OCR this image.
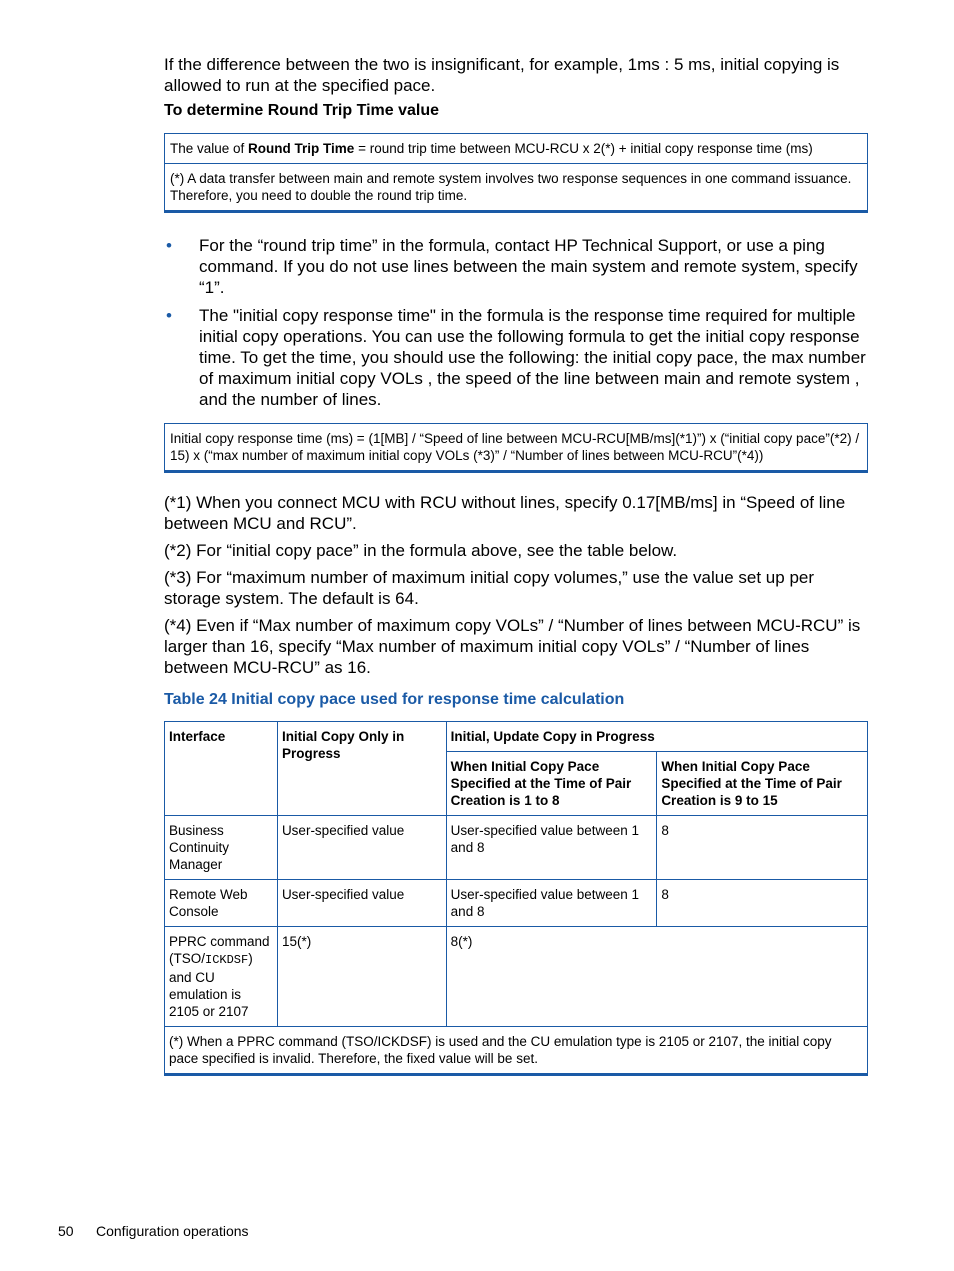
If the difference between the two is insignificant, for example, 1ms : 5 ms, initial copying is allowed to run at the specified pace.

To determine Round Trip Time value

The value of Round Trip Time = round trip time between MCU-RCU x 2(*) + initial copy response time (ms)
(*) A data transfer between main and remote system involves two response sequences in one command issuance. Therefore, you need to double the round trip time.
• For the “round trip time” in the formula, contact HP Technical Support, or use a ping command. If you do not use lines between the main system and remote system, specify “1”.
• The "initial copy response time" in the formula is the response time required for multiple initial copy operations. You can use the following formula to get the initial copy response time. To get the time, you should use the following: the initial copy pace, the max number of maximum initial copy VOLs , the speed of the line between main and remote system , and the number of lines.
Initial copy response time (ms) = (1[MB] / “Speed of line between MCU-RCU[MB/ms](*1)”) x (“initial copy pace”(*2) / 15) x (“max number of maximum initial copy VOLs (*3)” / “Number of lines between MCU-RCU”(*4))

(*1) When you connect MCU with RCU without lines, specify 0.17[MB/ms] in “Speed of line between MCU and RCU”.

(*2) For “initial copy pace” in the formula above, see the table below.

(*3) For “maximum number of maximum initial copy volumes,” use the value set up per storage system. The default is 64.

(*4) Even if “Max number of maximum copy VOLs” / “Number of lines between MCU-RCU” is larger than 16, specify “Max number of maximum initial copy VOLs” / “Number of lines between MCU-RCU” as 16.

Table 24 Initial copy pace used for response time calculation
Interface	Initial Copy Only in Progress	Initial, Update Copy in Progress	
		When Initial Copy Pace Specified at the Time of Pair Creation is 1 to 8	When Initial Copy Pace Specified at the Time of Pair Creation is 9 to 15
Business Continuity Manager	User-specified value	User-specified value between 1 and 8	8
Remote Web Console	User-specified value	User-specified value between 1 and 8	8
PPRC command (TSO/ICKDSF) and CU emulation is 2105 or 2107	15(*)	8(*)	
(*) When a PPRC command (TSO/ICKDSF) is used and the CU emulation type is 2105 or 2107, the initial copy pace specified is invalid. Therefore, the fixed value will be set.			
50 Configuration operations
